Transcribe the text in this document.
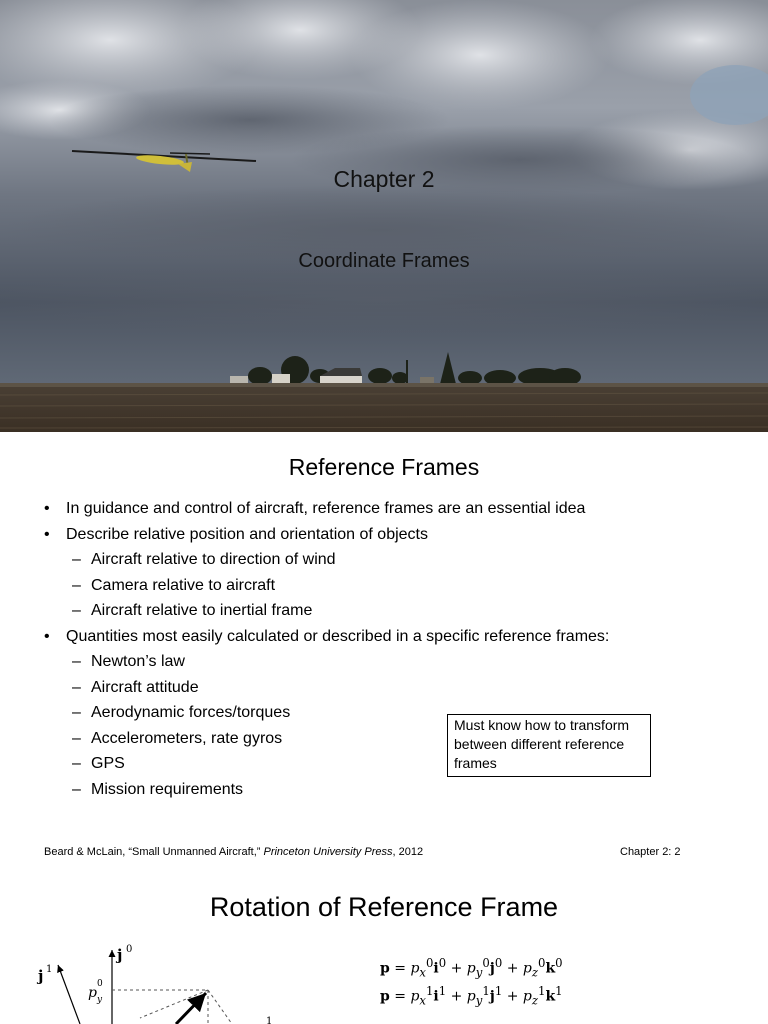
Chapter 2
Coordinate Frames
Reference Frames
• In guidance and control of aircraft, reference frames are an essential idea
• Describe relative position and orientation of objects
– Aircraft relative to direction of wind
– Camera relative to aircraft
– Aircraft relative to inertial frame
• Quantities most easily calculated or described in a specific reference frames:
– Newton’s law
– Aircraft attitude
– Aerodynamic forces/torques
– Accelerometers, rate gyros
– GPS
– Mission requirements
Must know how to transform between different reference frames
Beard & McLain, “Small Unmanned Aircraft,” Princeton University Press, 2012	Chapter 2: 2
Rotation of Reference Frame
j 0
j 1
p y
0
1
$p = p_x^0i^0 + p_y^0j^0 + p_z^0k^0$
$p = p_x^1i^1 + p_y^1j^1 + p_z^1k^1$
